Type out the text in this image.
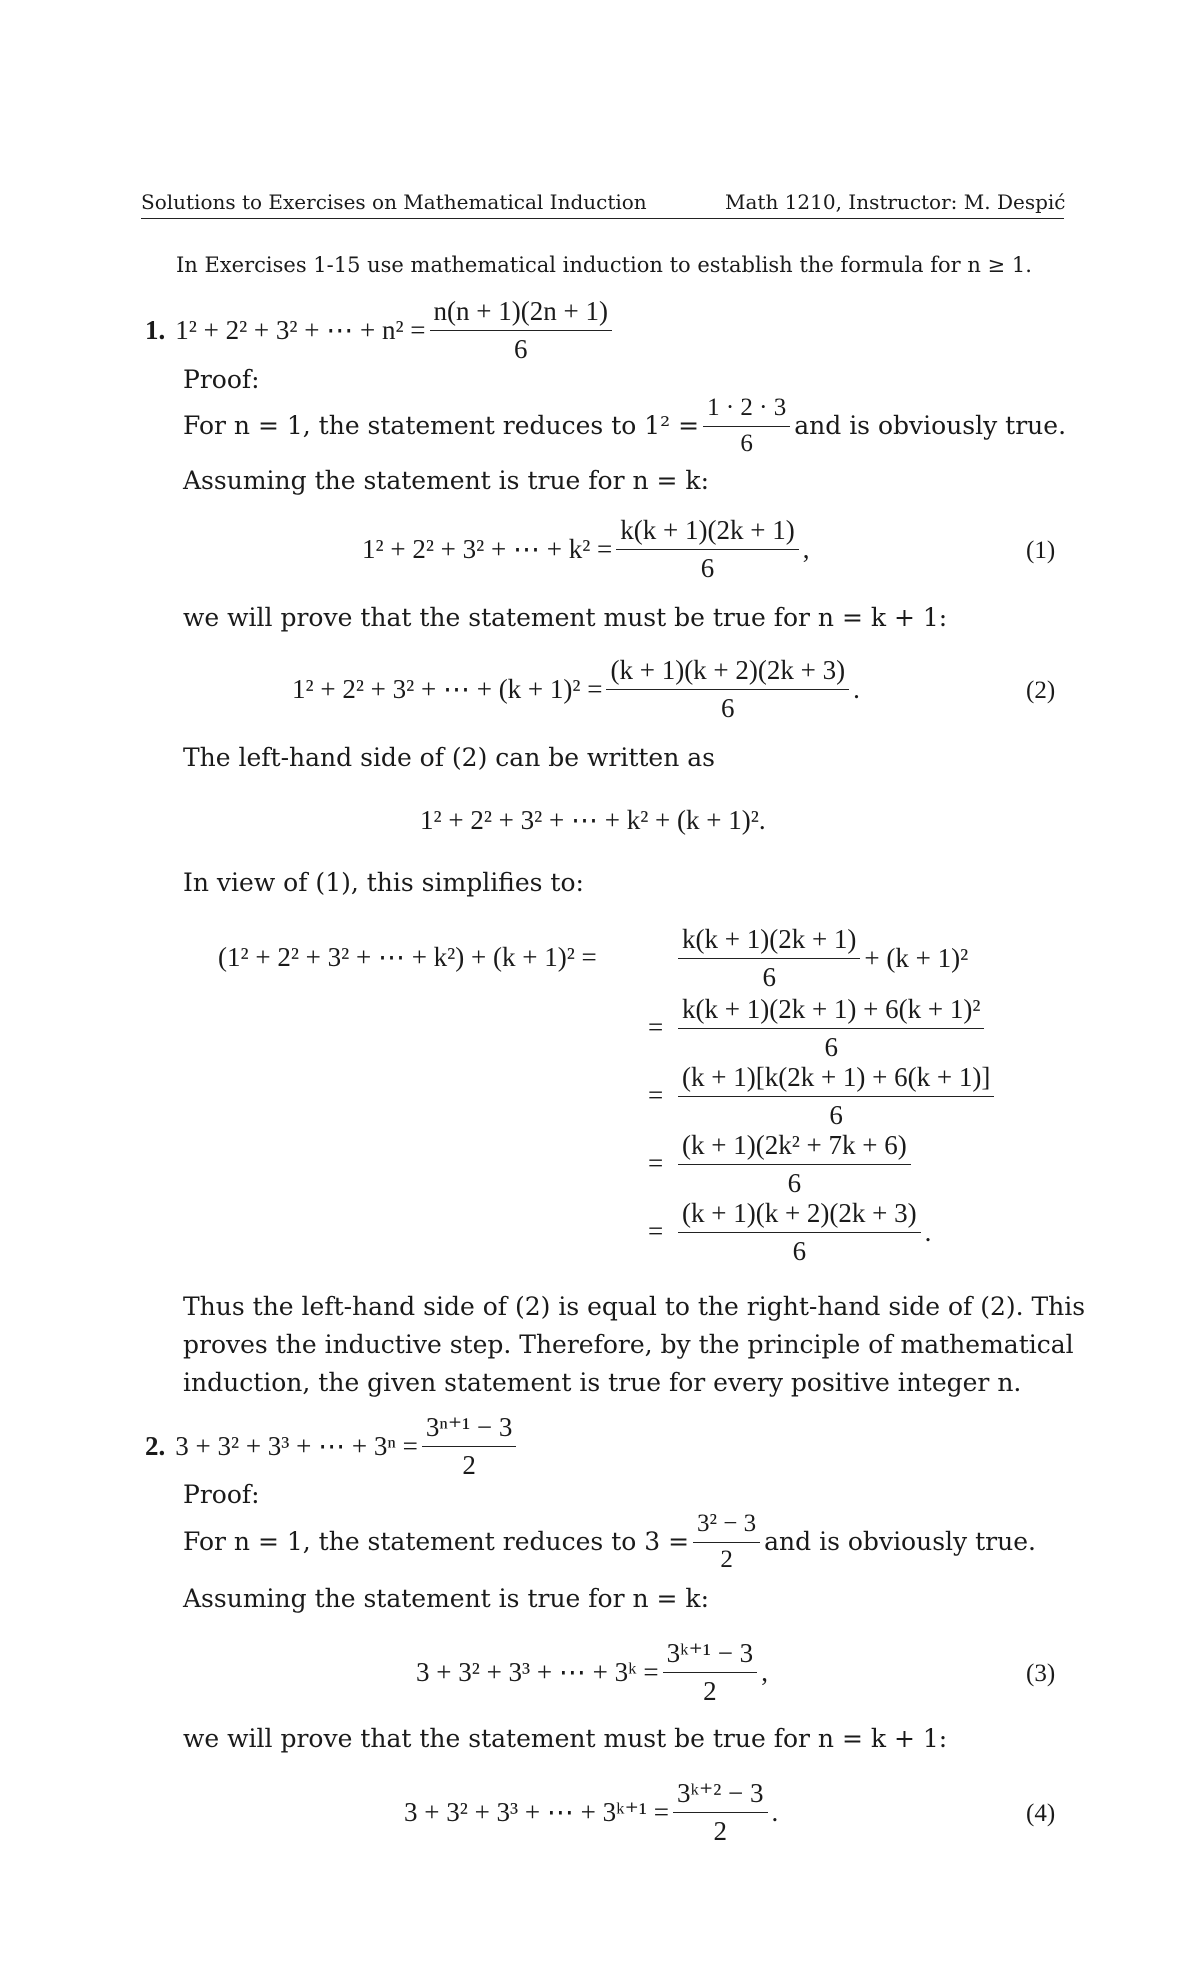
Solutions to Exercises on Mathematical Induction	Math 1210, Instructor: M. Despić
In Exercises 1-15 use mathematical induction to establish the formula for n ≥ 1.
1. 1² + 2² + 3² + ⋯ + $n^2 = \frac{n(n + 1)(2n + 1)}{6}$
Proof:
For n = 1, the statement reduces to $1^2 = \frac{1 \cdot 2 \cdot 3}{6}$ and is obviously true.
Assuming the statement is true for n = k:
1² + 2² + 3² + ⋯ + $k^2 = \frac{k(k + 1)(2k + 1)}{6}$ ,	(1)
we will prove that the statement must be true for n = k + 1:
1² + 2² + 3² + ⋯ + $(k + 1)^2 = \frac{(k + 1)(k + 2)(2k + 3)}{6}$ .	(2)
The left-hand side of (2) can be written as
1² + 2² + 3² + ⋯ + k² + (k + 1)².
In view of (1), this simplifies to:
(1² + 2² + 3² + ⋯ + k²) + (k + 1)² =	$\frac{k(k + 1)(2k + 1)}{6} + (k + 1)^2$
= $\frac{\text{k(k + 1)(2k + 1) + 6(k + 1)²}}{6}$
= $\frac{(k + 1)[k(2k + 1) + 6(k + 1)]}{6}$
= $\frac{\text{(k + 1)(2k² + 7k + 6)}}{6}$
= $\frac{(k + 1)(k + 2)(2k + 3)}{6}$ .
Thus the left-hand side of (2) is equal to the right-hand side of (2). This
proves the inductive step. Therefore, by the principle of mathematical
induction, the given statement is true for every positive integer n.
2. 3 + 3² + 3³ + ⋯ + $3^n = \frac{\text{3ⁿ⁺¹ − 3}}{2}$
Proof:
For n = 1, the statement reduces to $3 = \frac{\text{3² − 3}}{2}$ and is obviously true.
Assuming the statement is true for n = k:
3 + 3² + 3³ + ⋯ + 3ᵏ = $\frac{\text{3ᵏ⁺¹ − 3}}{2}$ ,	(3)
we will prove that the statement must be true for n = k + 1:
3 + 3² + 3³ + ⋯ + 3ᵏ⁺¹ = $\frac{\text{3ᵏ⁺² − 3}}{2}$ .	(4)
